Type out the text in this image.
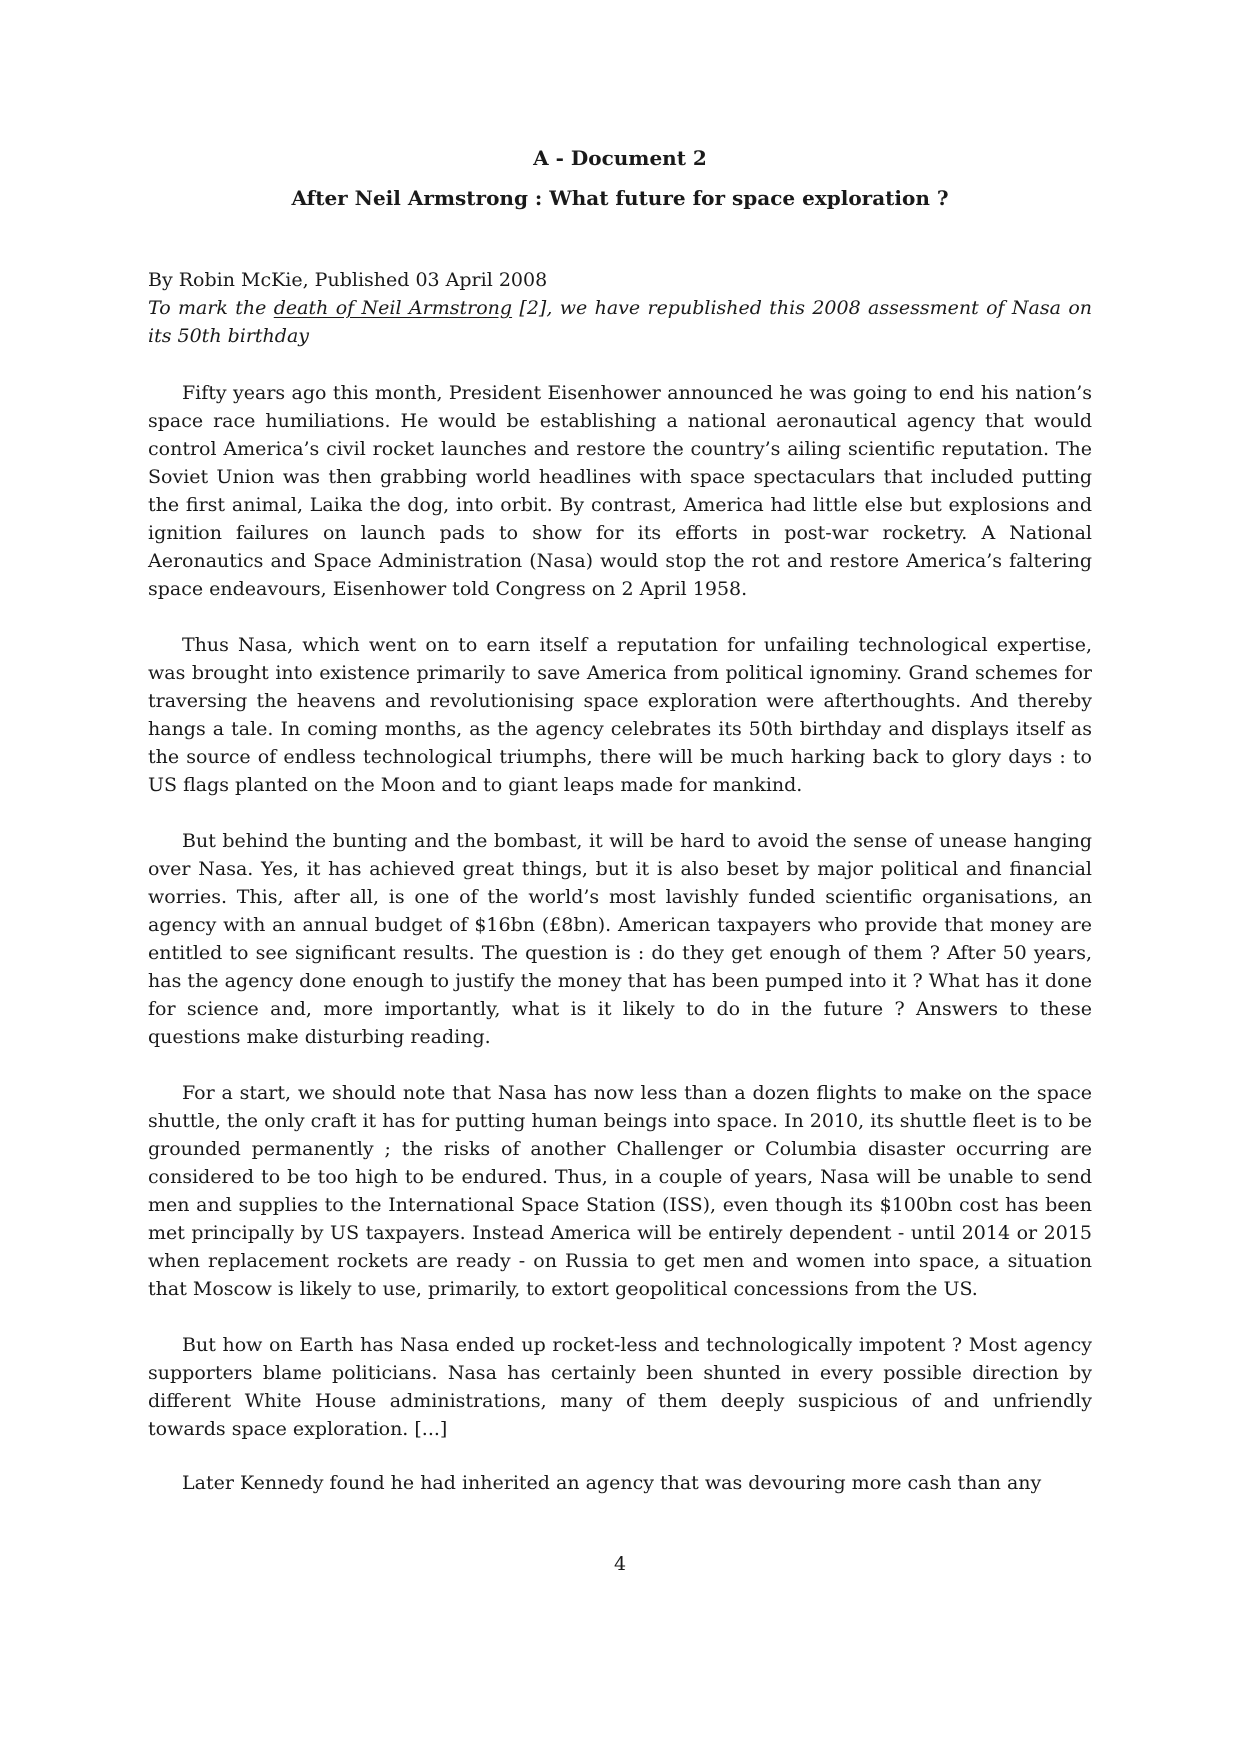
A - Document 2
After Neil Armstrong : What future for space exploration ?

By Robin McKie, Published 03 April 2008

To mark the death of Neil Armstrong [2], we have republished this 2008 assessment of Nasa on its 50th birthday

Fifty years ago this month, President Eisenhower announced he was going to end his nation’s space race humiliations. He would be establishing a national aeronautical agency that would control America’s civil rocket launches and restore the country’s ailing scientific reputation. The Soviet Union was then grabbing world headlines with space spectaculars that included putting the first animal, Laika the dog, into orbit. By contrast, America had little else but explosions and ignition failures on launch pads to show for its efforts in post-war rocketry. A National Aeronautics and Space Administration (Nasa) would stop the rot and restore America’s faltering space endeavours, Eisenhower told Congress on 2 April 1958.

Thus Nasa, which went on to earn itself a reputation for unfailing technological expertise, was brought into existence primarily to save America from political ignominy. Grand schemes for traversing the heavens and revolutionising space exploration were afterthoughts. And thereby hangs a tale. In coming months, as the agency celebrates its 50th birthday and displays itself as the source of endless technological triumphs, there will be much harking back to glory days : to US flags planted on the Moon and to giant leaps made for mankind.

But behind the bunting and the bombast, it will be hard to avoid the sense of unease hanging over Nasa. Yes, it has achieved great things, but it is also beset by major political and financial worries. This, after all, is one of the world’s most lavishly funded scientific organisations, an agency with an annual budget of $16bn (£8bn). American taxpayers who provide that money are entitled to see significant results. The question is : do they get enough of them ? After 50 years, has the agency done enough to justify the money that has been pumped into it ? What has it done for science and, more importantly, what is it likely to do in the future ? Answers to these questions make disturbing reading.

For a start, we should note that Nasa has now less than a dozen flights to make on the space shuttle, the only craft it has for putting human beings into space. In 2010, its shuttle fleet is to be grounded permanently ; the risks of another Challenger or Columbia disaster occurring are considered to be too high to be endured. Thus, in a couple of years, Nasa will be unable to send men and supplies to the International Space Station (ISS), even though its $100bn cost has been met principally by US taxpayers. Instead America will be entirely dependent - until 2014 or 2015 when replacement rockets are ready - on Russia to get men and women into space, a situation that Moscow is likely to use, primarily, to extort geopolitical concessions from the US.

But how on Earth has Nasa ended up rocket-less and technologically impotent ? Most agency supporters blame politicians. Nasa has certainly been shunted in every possible direction by different White House administrations, many of them deeply suspicious of and unfriendly towards space exploration. [...]

Later Kennedy found he had inherited an agency that was devouring more cash than any

4
